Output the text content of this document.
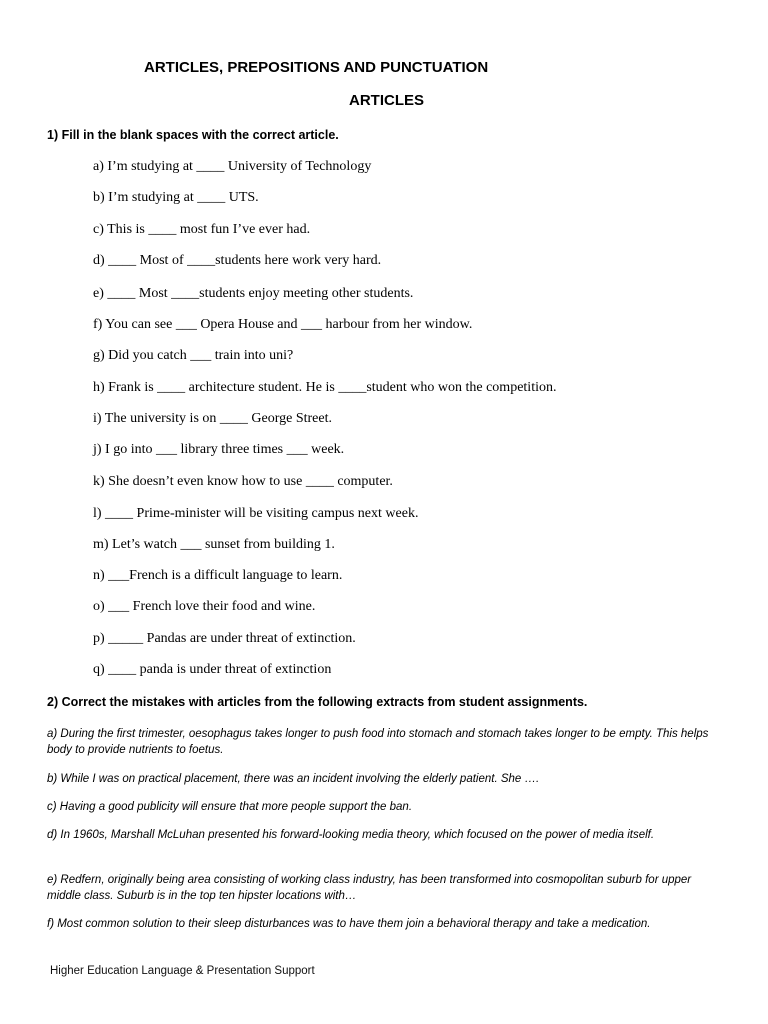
ARTICLES, PREPOSITIONS AND PUNCTUATION
ARTICLES
1) Fill in the blank spaces with the correct article.
a) I’m studying at ____ University of Technology
b) I’m studying at ____ UTS.
c) This is ____ most fun I’ve ever had.
d) ____ Most of ____students here work very hard.
e) ____ Most ____students enjoy meeting other students.
f) You can see ___ Opera House and ___ harbour from her window.
g) Did you catch ___ train into uni?
h) Frank is ____ architecture student. He is ____student who won the competition.
i) The university is on ____ George Street.
j) I go into ___ library three times ___ week.
k) She doesn’t even know how to use ____ computer.
l) ____ Prime-minister will be visiting campus next week.
m) Let’s watch ___ sunset from building 1.
n) ___French is a difficult language to learn.
o) ___ French love their food and wine.
p) _____ Pandas are under threat of extinction.
q) ____ panda is under threat of extinction
2) Correct the mistakes with articles from the following extracts from student assignments.
a) During the first trimester, oesophagus takes longer to push food into stomach and stomach takes longer to be empty. This helps body to provide nutrients to foetus.
b) While I was on practical placement, there was an incident involving the elderly patient. She ….
c) Having a good publicity will ensure that more people support the ban.
d) In 1960s, Marshall McLuhan presented his forward-looking media theory, which focused on the power of media itself.
e) Redfern, originally being area consisting of working class industry, has been transformed into cosmopolitan suburb for upper middle class. Suburb is in the top ten hipster locations with…
f) Most common solution to their sleep disturbances was to have them join a behavioral therapy and take a medication.
Higher Education Language & Presentation Support
